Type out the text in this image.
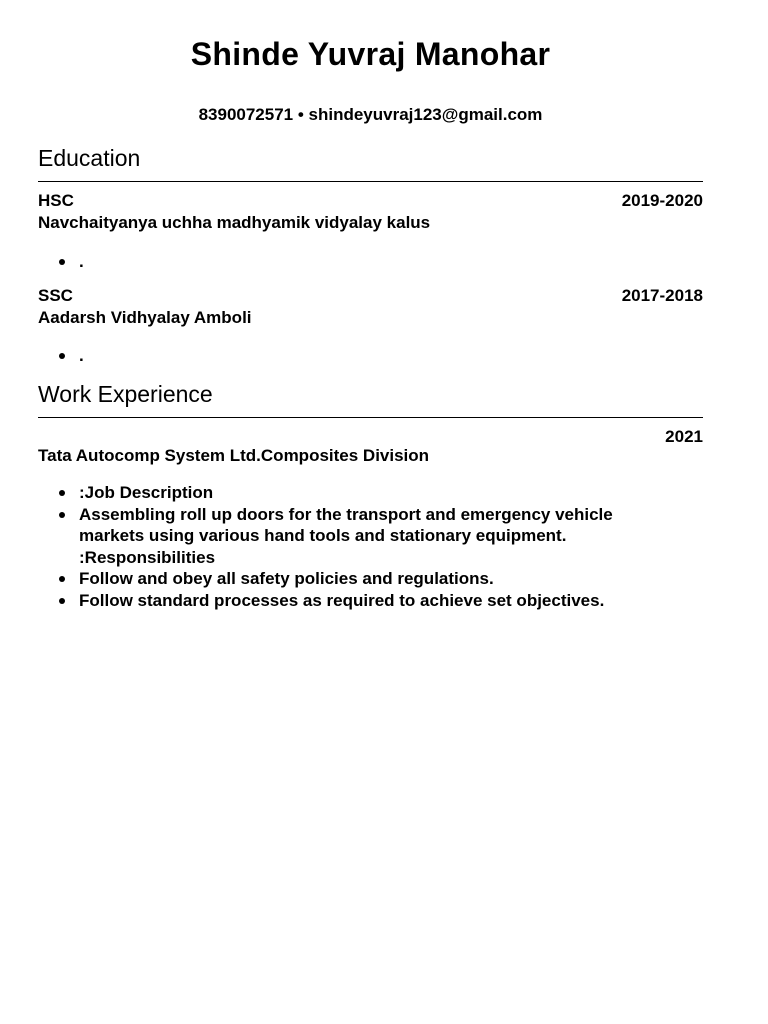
Shinde Yuvraj Manohar
8390072571 • shindeyuvraj123@gmail.com
Education
HSC	2019-2020
Navchaityanya uchha madhyamik vidyalay kalus
.
SSC	2017-2018
Aadarsh Vidhyalay Amboli
.
Work Experience
2021
Tata Autocomp System Ltd.Composites Division
:Job Description
Assembling roll up doors for the transport and emergency vehicle
markets using various hand tools and stationary equipment.
:Responsibilities
Follow and obey all safety policies and regulations.
Follow standard processes as required to achieve set objectives.
